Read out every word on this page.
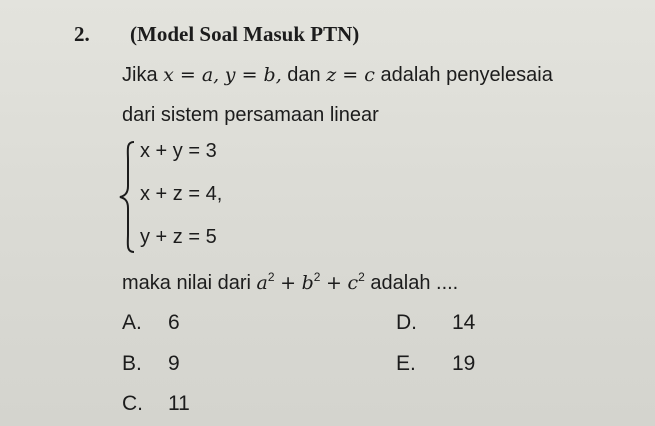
2. (Model Soal Masuk PTN)
Jika x = a, y = b, dan z = c adalah penyelesaia
dari sistem persamaan linear
x + y = 3
x + z = 4,
y + z = 5
maka nilai dari $a^2 + b^2 + c^2$ adalah ....
A. 6
B. 9
C. 11
D. 14
E. 19
